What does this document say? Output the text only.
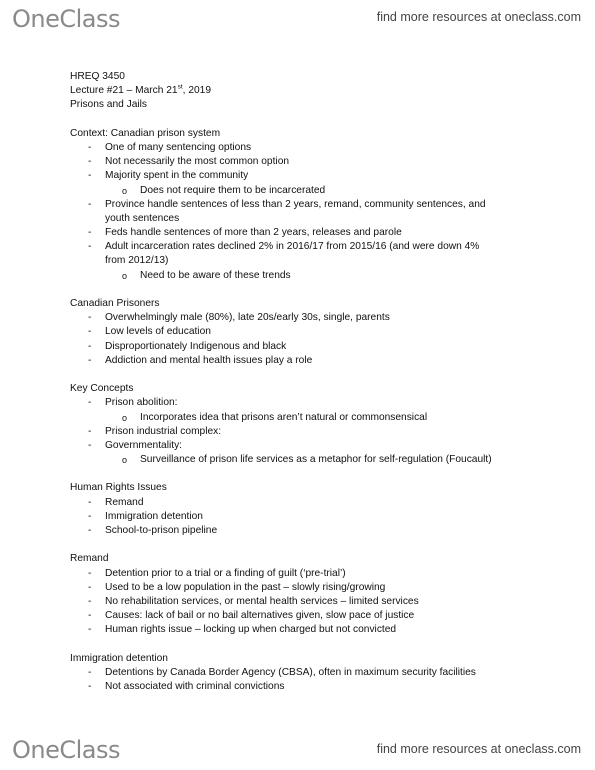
OneClass	find more resources at oneclass.com
HREQ 3450
Lecture #21 – March 21st, 2019
Prisons and Jails
Context: Canadian prison system
- One of many sentencing options
- Not necessarily the most common option
- Majority spent in the community
o Does not require them to be incarcerated
- Province handle sentences of less than 2 years, remand, community sentences, and
youth sentences
- Feds handle sentences of more than 2 years, releases and parole
- Adult incarceration rates declined 2% in 2016/17 from 2015/16 (and were down 4%
from 2012/13)
o Need to be aware of these trends
Canadian Prisoners
- Overwhelmingly male (80%), late 20s/early 30s, single, parents
- Low levels of education
- Disproportionately Indigenous and black
- Addiction and mental health issues play a role
Key Concepts
- Prison abolition:
o Incorporates idea that prisons aren’t natural or commonsensical
- Prison industrial complex:
- Governmentality:
o Surveillance of prison life services as a metaphor for self-regulation (Foucault)
Human Rights Issues
- Remand
- Immigration detention
- School-to-prison pipeline
Remand
- Detention prior to a trial or a finding of guilt (‘pre-trial’)
- Used to be a low population in the past – slowly rising/growing
- No rehabilitation services, or mental health services – limited services
- Causes: lack of bail or no bail alternatives given, slow pace of justice
- Human rights issue – locking up when charged but not convicted
Immigration detention
- Detentions by Canada Border Agency (CBSA), often in maximum security facilities
- Not associated with criminal convictions
OneClass	find more resources at oneclass.com
